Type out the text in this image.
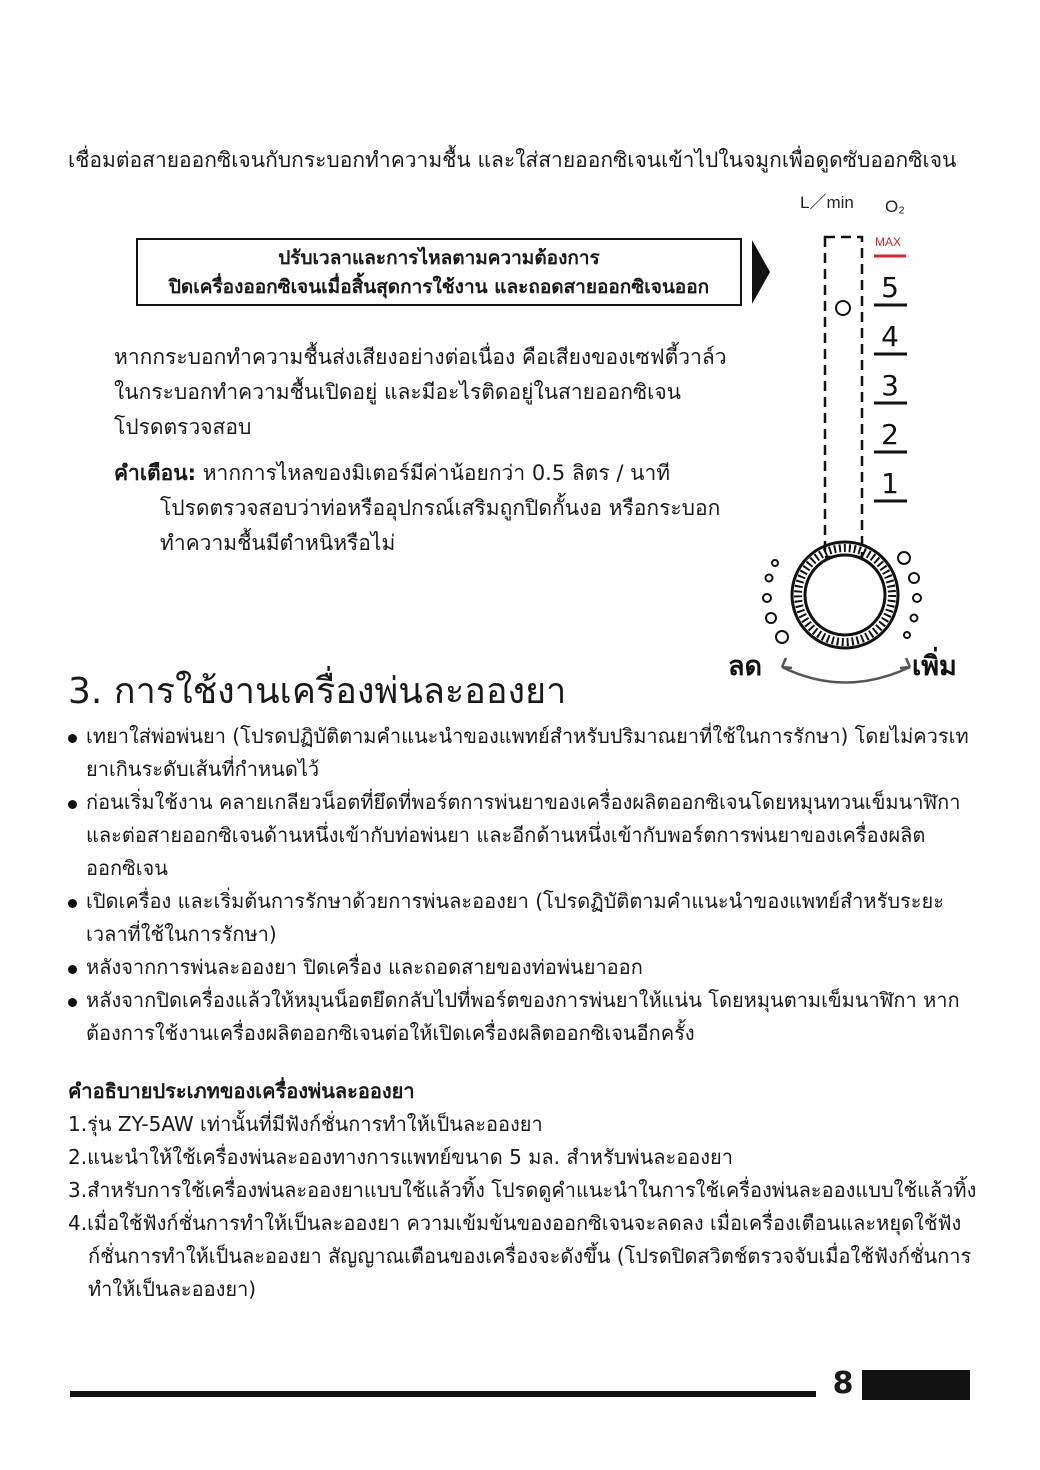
เชื่อมต่อสายออกซิเจนกับกระบอกทำความชื้น และใส่สายออกซิเจนเข้าไปในจมูกเพื่อดูดซับออกซิเจน
ปรับเวลาและการไหลตามความต้องการ
ปิดเครื่องออกซิเจนเมื่อสิ้นสุดการใช้งาน และถอดสายออกซิเจนออก
หากกระบอกทำความชื้นส่งเสียงอย่างต่อเนื่อง คือเสียงของเซฟตี้วาล์ว
ในกระบอกทำความชื้นเปิดอยู่ และมีอะไรติดอยู่ในสายออกซิเจน
โปรดตรวจสอบ
คำเตือน: หากการไหลของมิเตอร์มีค่าน้อยกว่า 0.5 ลิตร / นาที
โปรดตรวจสอบว่าท่อหรืออุปกรณ์เสริมถูกปิดกั้นงอ หรือกระบอก
ทำความชื้นมีตำหนิหรือไม่
L／min O₂
MAX
5
4
3
2
1
ลด	เพิ่ม
3. การใช้งานเครื่องพ่นละอองยา
เทยาใส่พ่อพ่นยา (โปรดปฏิบัติตามคำแนะนำของแพทย์สำหรับปริมาณยาที่ใช้ในการรักษา) โดยไม่ควรเทยาเกินระดับเส้นที่กำหนดไว้
ก่อนเริ่มใช้งาน คลายเกลียวน็อตที่ยึดที่พอร์ตการพ่นยาของเครื่องผลิตออกซิเจนโดยหมุนทวนเข็มนาฬิกา และต่อสายออกซิเจนด้านหนึ่งเข้ากับท่อพ่นยา และอีกด้านหนึ่งเข้ากับพอร์ตการพ่นยาของเครื่องผลิตออกซิเจน
เปิดเครื่อง และเริ่มต้นการรักษาด้วยการพ่นละอองยา (โปรดฏิบัติตามคำแนะนำของแพทย์สำหรับระยะเวลาที่ใช้ในการรักษา)
หลังจากการพ่นละอองยา ปิดเครื่อง และถอดสายของท่อพ่นยาออก
หลังจากปิดเครื่องแล้วให้หมุนน็อตยึดกลับไปที่พอร์ตของการพ่นยาให้แน่น โดยหมุนตามเข็มนาฬิกา หากต้องการใช้งานเครื่องผลิตออกซิเจนต่อให้เปิดเครื่องผลิตออกซิเจนอีกครั้ง
คำอธิบายประเภทของเครื่องพ่นละอองยา
1.รุ่น ZY-5AW เท่านั้นที่มีฟังก์ชั่นการทำให้เป็นละอองยา
2.แนะนำให้ใช้เครื่องพ่นละอองทางการแพทย์ขนาด 5 มล. สำหรับพ่นละอองยา
3.สำหรับการใช้เครื่องพ่นละอองยาแบบใช้แล้วทิ้ง โปรดดูคำแนะนำในการใช้เครื่องพ่นละอองแบบใช้แล้วทิ้ง
4.เมื่อใช้ฟังก์ชั่นการทำให้เป็นละอองยา ความเข้มข้นของออกซิเจนจะลดลง เมื่อเครื่องเตือนและหยุดใช้ฟังก์ชั่นการทำให้เป็นละอองยา สัญญาณเตือนของเครื่องจะดังขึ้น (โปรดปิดสวิตช์ตรวจจับเมื่อใช้ฟังก์ชั่นการทำให้เป็นละอองยา)
8
